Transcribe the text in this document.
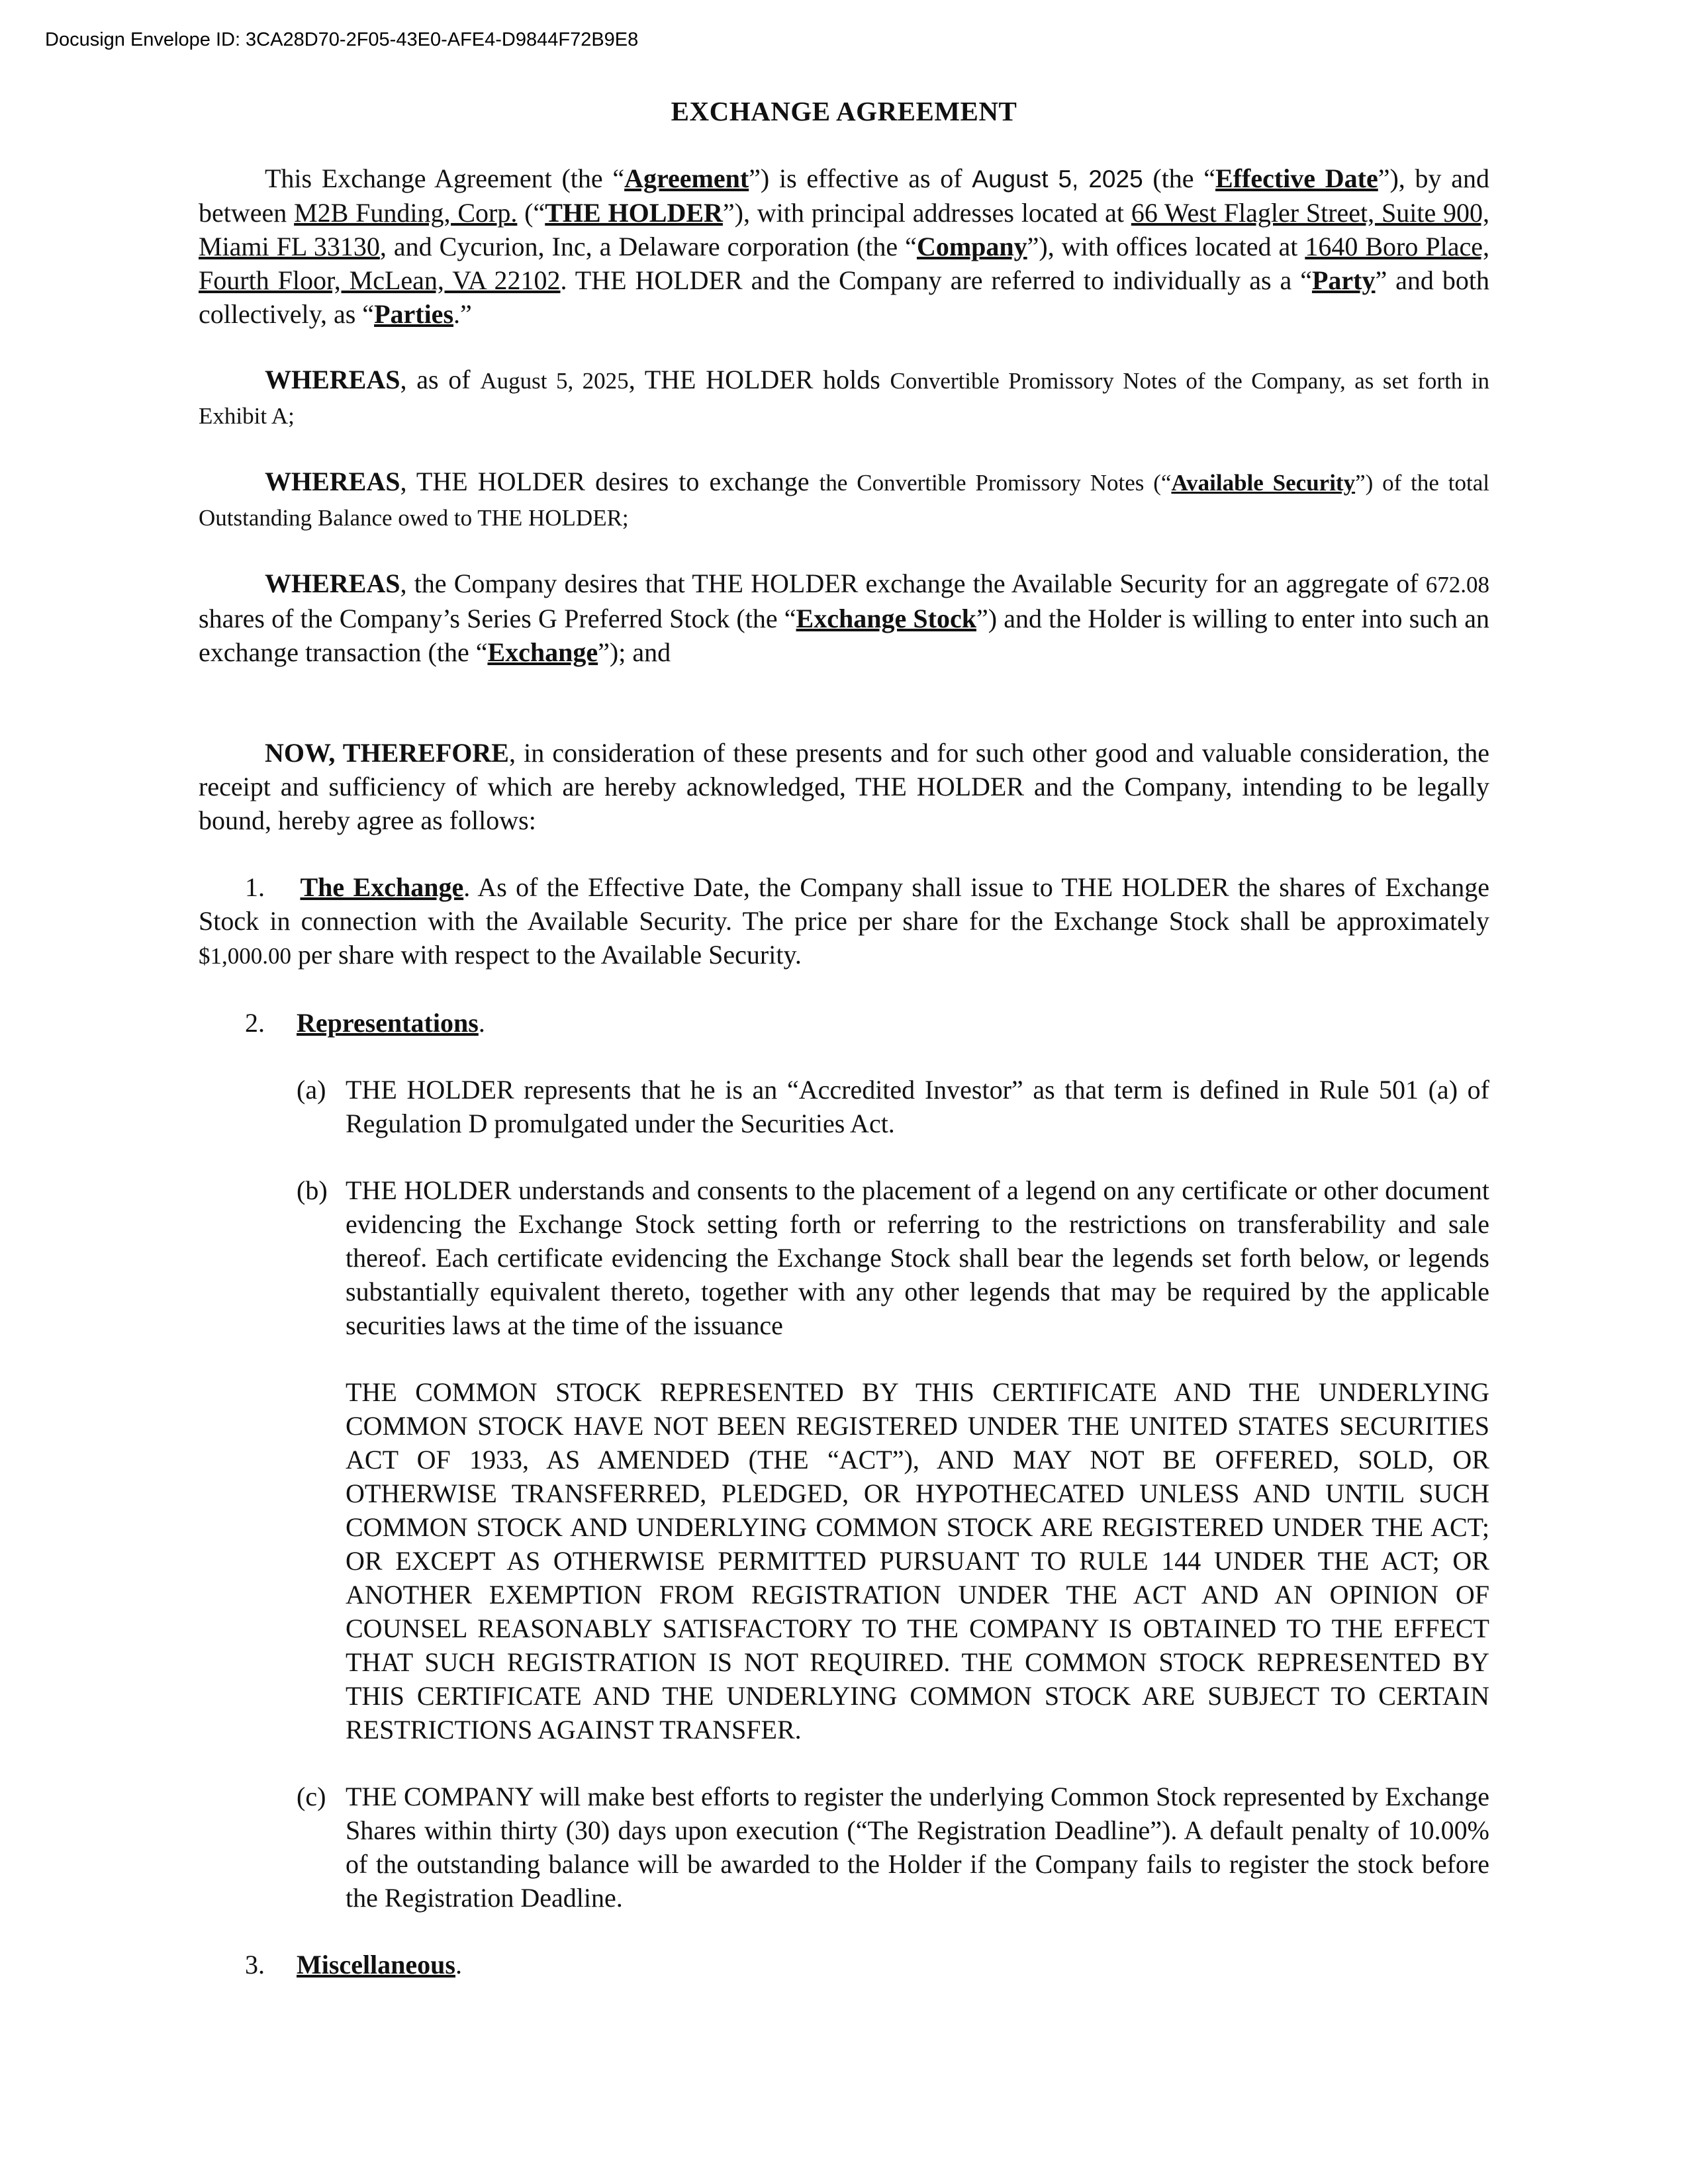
Docusign Envelope ID: 3CA28D70-2F05-43E0-AFE4-D9844F72B9E8
EXCHANGE AGREEMENT

This Exchange Agreement (the “Agreement”) is effective as of August 5, 2025 (the “Effective Date”), by and between M2B Funding, Corp. (“THE HOLDER”), with principal addresses located at 66 West Flagler Street, Suite 900, Miami FL 33130, and Cycurion, Inc, a Delaware corporation (the “Company”), with offices located at 1640 Boro Place, Fourth Floor, McLean, VA 22102. THE HOLDER and the Company are referred to individually as a “Party” and both collectively, as “Parties.”

WHEREAS, as of August 5, 2025, THE HOLDER holds Convertible Promissory Notes of the Company, as set forth in Exhibit A;

WHEREAS, THE HOLDER desires to exchange the Convertible Promissory Notes (“Available Security”) of the total Outstanding Balance owed to THE HOLDER;

WHEREAS, the Company desires that THE HOLDER exchange the Available Security for an aggregate of 672.08 shares of the Company’s Series G Preferred Stock (the “Exchange Stock”) and the Holder is willing to enter into such an exchange transaction (the “Exchange”); and

NOW, THEREFORE, in consideration of these presents and for such other good and valuable consideration, the receipt and sufficiency of which are hereby acknowledged, THE HOLDER and the Company, intending to be legally bound, hereby agree as follows:

1. The Exchange. As of the Effective Date, the Company shall issue to THE HOLDER the shares of Exchange Stock in connection with the Available Security. The price per share for the Exchange Stock shall be approximately $1,000.00 per share with respect to the Available Security.

2.	Representations.
(a) THE HOLDER represents that he is an “Accredited Investor” as that term is defined in Rule 501 (a) of Regulation D promulgated under the Securities Act.

(b) THE HOLDER understands and consents to the placement of a legend on any certificate or other document evidencing the Exchange Stock setting forth or referring to the restrictions on transferability and sale thereof. Each certificate evidencing the Exchange Stock shall bear the legends set forth below, or legends substantially equivalent thereto, together with any other legends that may be required by the applicable securities laws at the time of the issuance

THE COMMON STOCK REPRESENTED BY THIS CERTIFICATE AND THE UNDERLYING COMMON STOCK HAVE NOT BEEN REGISTERED UNDER THE UNITED STATES SECURITIES ACT OF 1933, AS AMENDED (THE “ACT”), AND MAY NOT BE OFFERED, SOLD, OR OTHERWISE TRANSFERRED, PLEDGED, OR HYPOTHECATED UNLESS AND UNTIL SUCH COMMON STOCK AND UNDERLYING COMMON STOCK ARE REGISTERED UNDER THE ACT; OR EXCEPT AS OTHERWISE PERMITTED PURSUANT TO RULE 144 UNDER THE ACT; OR ANOTHER EXEMPTION FROM REGISTRATION UNDER THE ACT AND AN OPINION OF COUNSEL REASONABLY SATISFACTORY TO THE COMPANY IS OBTAINED TO THE EFFECT THAT SUCH REGISTRATION IS NOT REQUIRED. THE COMMON STOCK REPRESENTED BY THIS CERTIFICATE AND THE UNDERLYING COMMON STOCK ARE SUBJECT TO CERTAIN RESTRICTIONS AGAINST TRANSFER.

(c) THE COMPANY will make best efforts to register the underlying Common Stock represented by Exchange Shares within thirty (30) days upon execution (“The Registration Deadline”). A default penalty of 10.00% of the outstanding balance will be awarded to the Holder if the Company fails to register the stock before the Registration Deadline.

3.	Miscellaneous.
